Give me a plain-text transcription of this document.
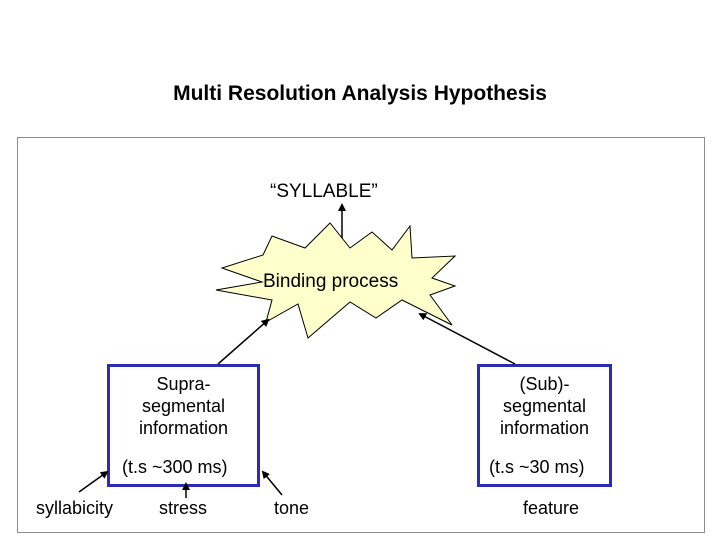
Multi Resolution Analysis Hypothesis
“SYLLABLE”
Binding process
Supra-
segmental
information
(t.s ~300 ms)
(Sub)-
segmental
information
(t.s ~30 ms)
syllabicity	stress	tone	feature
